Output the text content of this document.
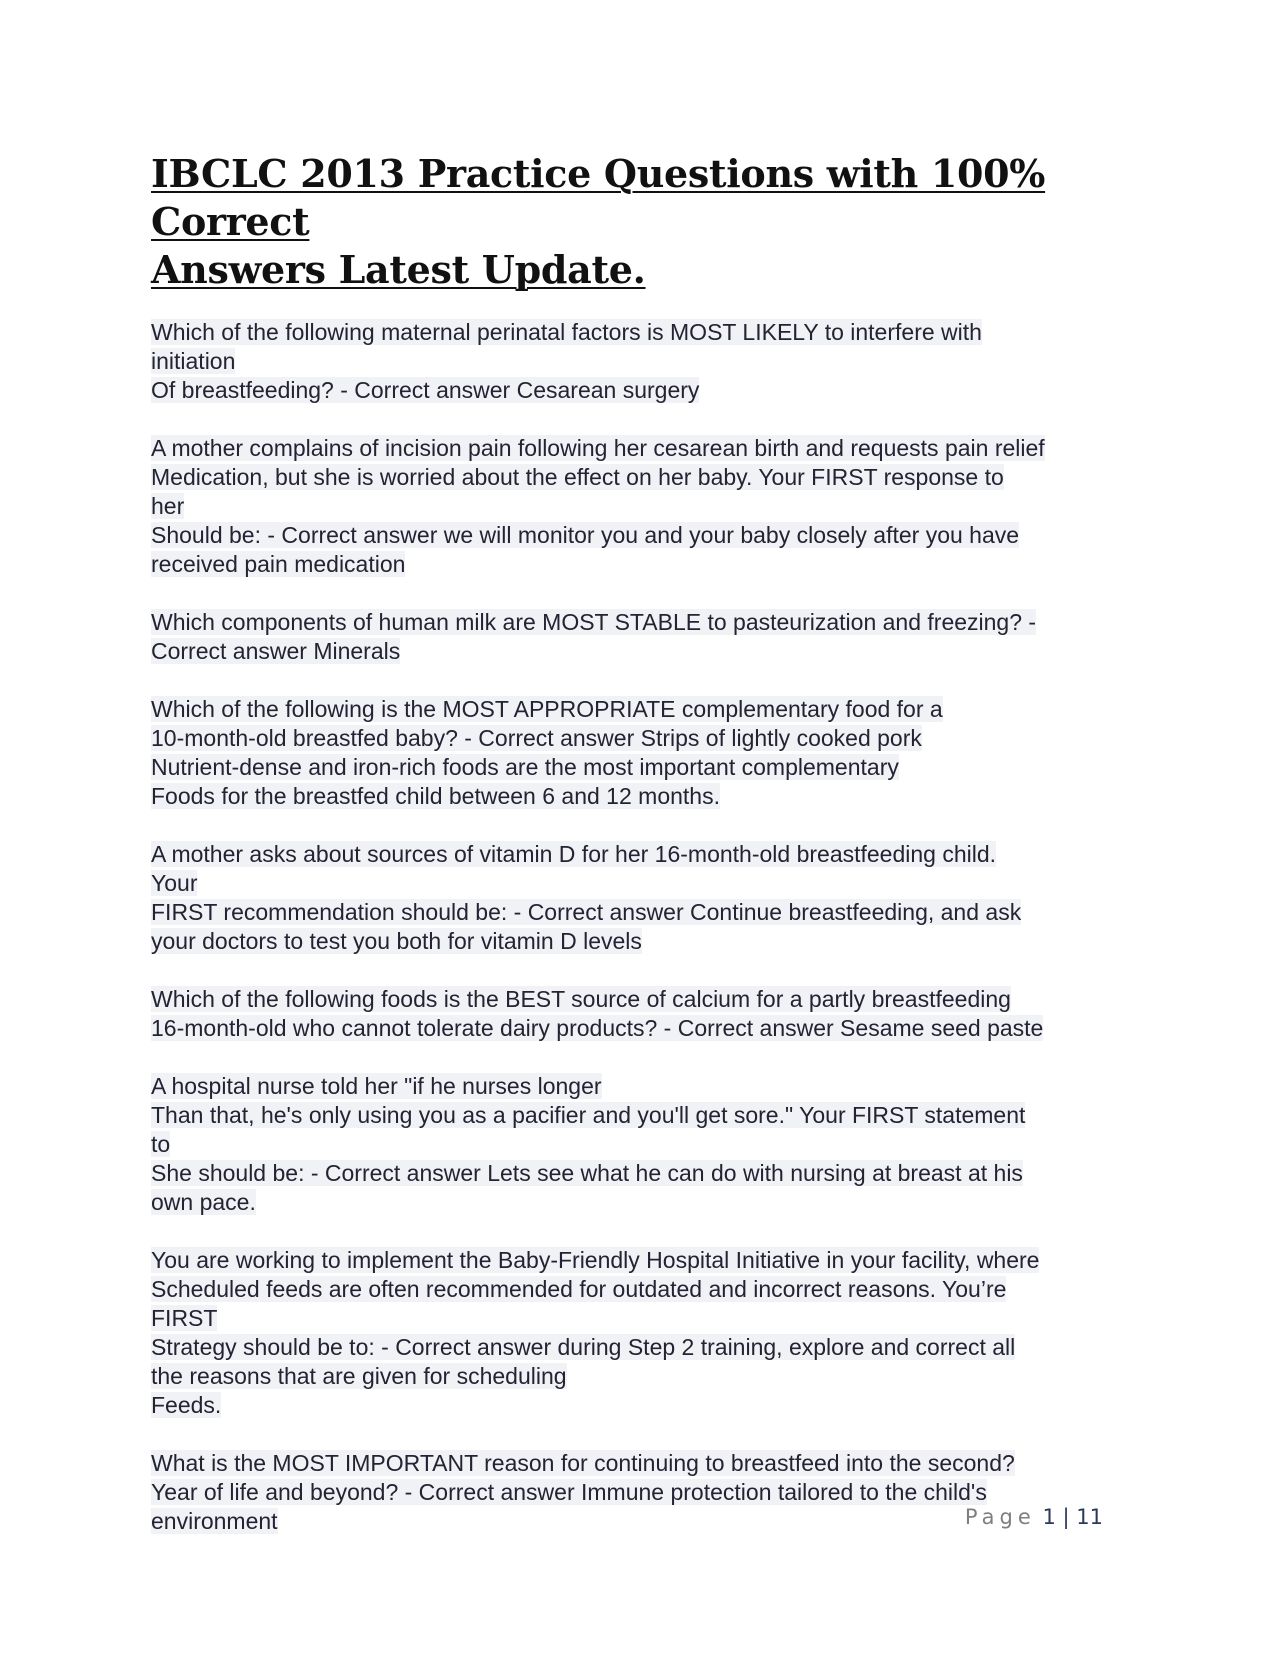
IBCLC 2013 Practice Questions with 100% Correct
Answers Latest Update.
Which of the following maternal perinatal factors is MOST LIKELY to interfere with
initiation
Of breastfeeding? - Correct answer Cesarean surgery
A mother complains of incision pain following her cesarean birth and requests pain relief
Medication, but she is worried about the effect on her baby. Your FIRST response to
her
Should be: - Correct answer we will monitor you and your baby closely after you have
received pain medication
Which components of human milk are MOST STABLE to pasteurization and freezing? -
Correct answer Minerals
Which of the following is the MOST APPROPRIATE complementary food for a
10-month-old breastfed baby? - Correct answer Strips of lightly cooked pork
Nutrient-dense and iron-rich foods are the most important complementary
Foods for the breastfed child between 6 and 12 months.
A mother asks about sources of vitamin D for her 16-month-old breastfeeding child.
Your
FIRST recommendation should be: - Correct answer Continue breastfeeding, and ask
your doctors to test you both for vitamin D levels
Which of the following foods is the BEST source of calcium for a partly breastfeeding
16-month-old who cannot tolerate dairy products? - Correct answer Sesame seed paste
A hospital nurse told her "if he nurses longer
Than that, he's only using you as a pacifier and you'll get sore." Your FIRST statement
to
She should be: - Correct answer Lets see what he can do with nursing at breast at his
own pace.
You are working to implement the Baby-Friendly Hospital Initiative in your facility, where
Scheduled feeds are often recommended for outdated and incorrect reasons. You’re
FIRST
Strategy should be to: - Correct answer during Step 2 training, explore and correct all
the reasons that are given for scheduling
Feeds.
What is the MOST IMPORTANT reason for continuing to breastfeed into the second?
Year of life and beyond? - Correct answer Immune protection tailored to the child's
environment	Page 1 | 11
